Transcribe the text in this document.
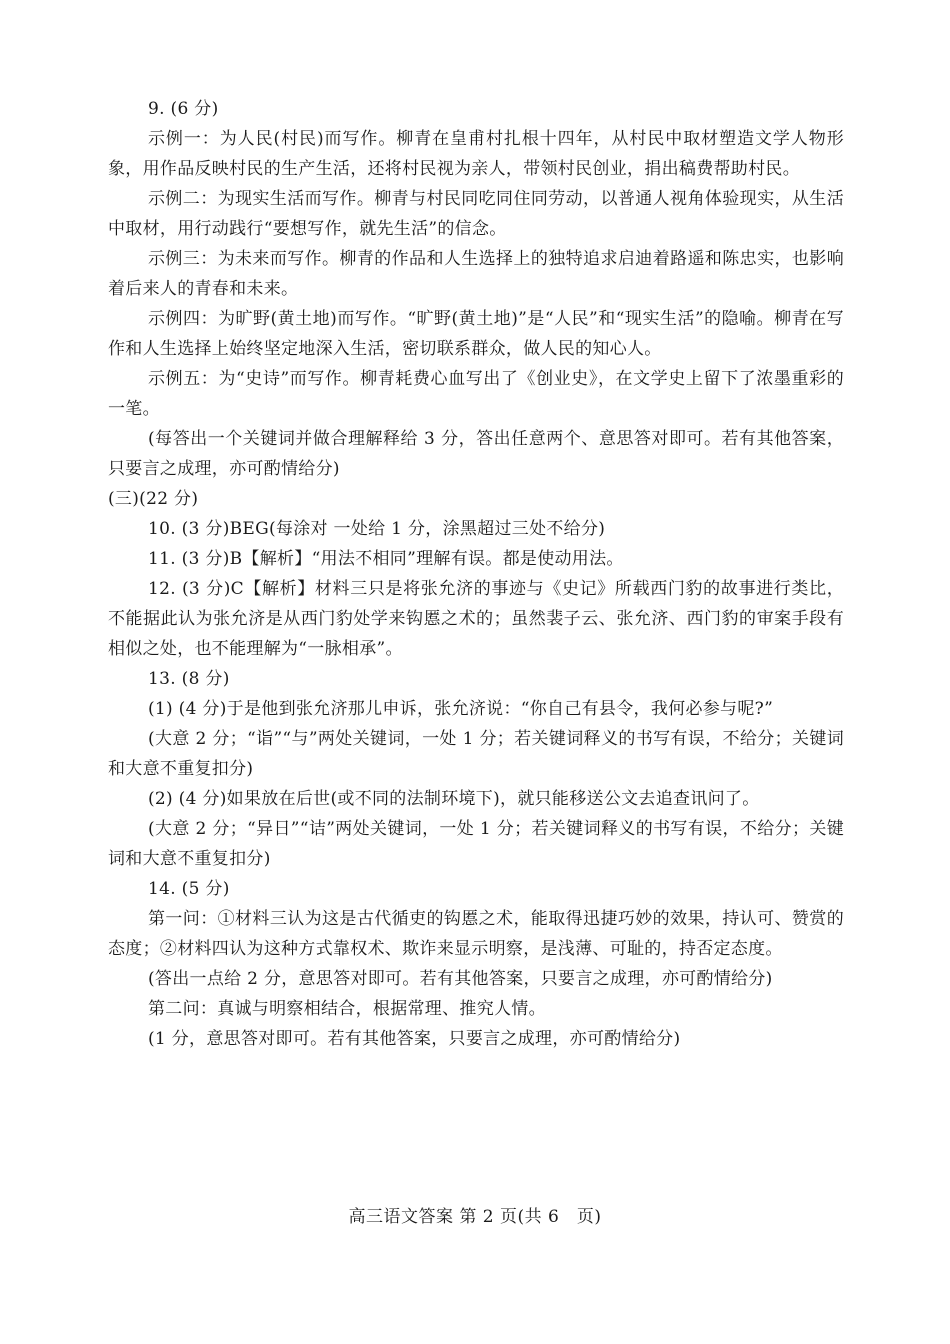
9. (6 分)

示例一：为人民(村民)而写作。柳青在皇甫村扎根十四年，从村民中取材塑造文学人物形象，用作品反映村民的生产生活，还将村民视为亲人，带领村民创业，捐出稿费帮助村民。

示例二：为现实生活而写作。柳青与村民同吃同住同劳动，以普通人视角体验现实，从生活中取材，用行动践行“要想写作，就先生活”的信念。

示例三：为未来而写作。柳青的作品和人生选择上的独特追求启迪着路遥和陈忠实，也影响着后来人的青春和未来。

示例四：为旷野(黄土地)而写作。“旷野(黄土地)”是“人民”和“现实生活”的隐喻。柳青在写作和人生选择上始终坚定地深入生活，密切联系群众，做人民的知心人。

示例五：为“史诗”而写作。柳青耗费心血写出了《创业史》，在文学史上留下了浓墨重彩的一笔。

(每答出一个关键词并做合理解释给 3 分，答出任意两个、意思答对即可。若有其他答案，只要言之成理，亦可酌情给分)

(三)(22 分)

10. (3 分)BEG(每涂对 一处给 1 分，涂黑超过三处不给分)

11. (3 分)B【解析】“用法不相同”理解有误。都是使动用法。

12. (3 分)C【解析】材料三只是将张允济的事迹与《史记》所载西门豹的故事进行类比，不能据此认为张允济是从西门豹处学来钩慝之术的；虽然裴子云、张允济、西门豹的审案手段有相似之处，也不能理解为“一脉相承”。

13. (8 分)

(1) (4 分)于是他到张允济那儿申诉，张允济说：“你自己有县令，我何必参与呢?”

(大意 2 分；“诣”“与”两处关键词，一处 1 分；若关键词释义的书写有误，不给分；关键词和大意不重复扣分)

(2) (4 分)如果放在后世(或不同的法制环境下)，就只能移送公文去追查讯问了。

(大意 2 分；“异日”“诘”两处关键词，一处 1 分；若关键词释义的书写有误，不给分；关键词和大意不重复扣分)

14. (5 分)

第一问：①材料三认为这是古代循吏的钩慝之术，能取得迅捷巧妙的效果，持认可、赞赏的态度；②材料四认为这种方式靠权术、欺诈来显示明察，是浅薄、可耻的，持否定态度。

(答出一点给 2 分，意思答对即可。若有其他答案，只要言之成理，亦可酌情给分)

第二问：真诚与明察相结合，根据常理、推究人情。

(1 分，意思答对即可。若有其他答案，只要言之成理，亦可酌情给分)

高三语文答案 第 2 页(共 6　页)
